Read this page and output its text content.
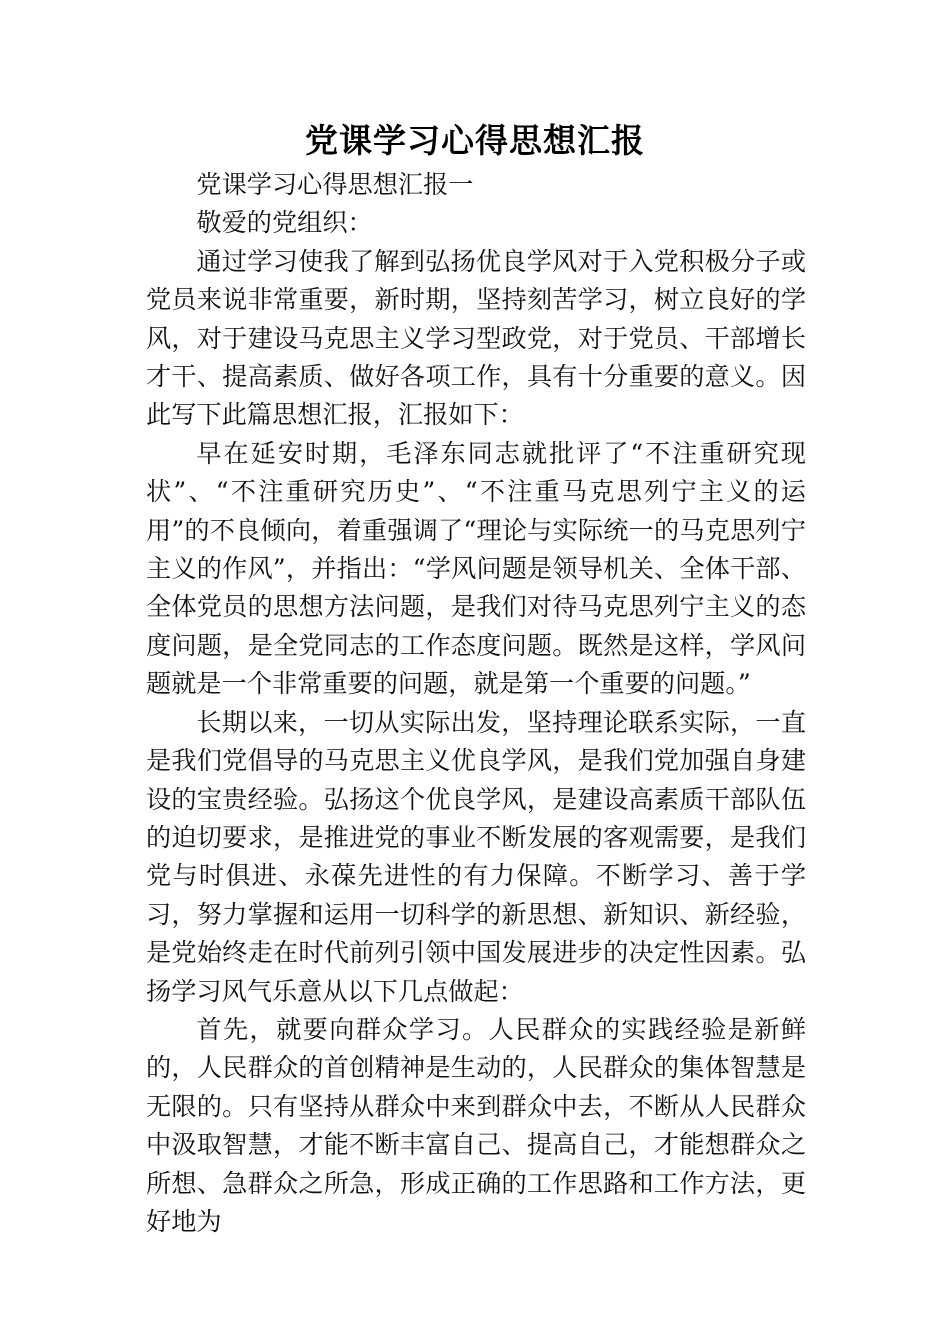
党课学习心得思想汇报

党课学习心得思想汇报一

敬爱的党组织：

通过学习使我了解到弘扬优良学风对于入党积极分子或党员来说非常重要，新时期，坚持刻苦学习，树立良好的学风，对于建设马克思主义学习型政党，对于党员、干部增长才干、提高素质、做好各项工作，具有十分重要的意义。因此写下此篇思想汇报，汇报如下：

早在延安时期，毛泽东同志就批评了“不注重研究现状”、“不注重研究历史”、“不注重马克思列宁主义的运用”的不良倾向，着重强调了“理论与实际统一的马克思列宁主义的作风”，并指出：“学风问题是领导机关、全体干部、全体党员的思想方法问题，是我们对待马克思列宁主义的态度问题，是全党同志的工作态度问题。既然是这样，学风问题就是一个非常重要的问题，就是第一个重要的问题。”

长期以来，一切从实际出发，坚持理论联系实际，一直是我们党倡导的马克思主义优良学风，是我们党加强自身建设的宝贵经验。弘扬这个优良学风，是建设高素质干部队伍的迫切要求，是推进党的事业不断发展的客观需要，是我们党与时俱进、永葆先进性的有力保障。不断学习、善于学习，努力掌握和运用一切科学的新思想、新知识、新经验，是党始终走在时代前列引领中国发展进步的决定性因素。弘扬学习风气乐意从以下几点做起：

首先，就要向群众学习。人民群众的实践经验是新鲜的，人民群众的首创精神是生动的，人民群众的集体智慧是无限的。只有坚持从群众中来到群众中去，不断从人民群众中汲取智慧，才能不断丰富自己、提高自己，才能想群众之所想、急群众之所急，形成正确的工作思路和工作方法，更好地为
